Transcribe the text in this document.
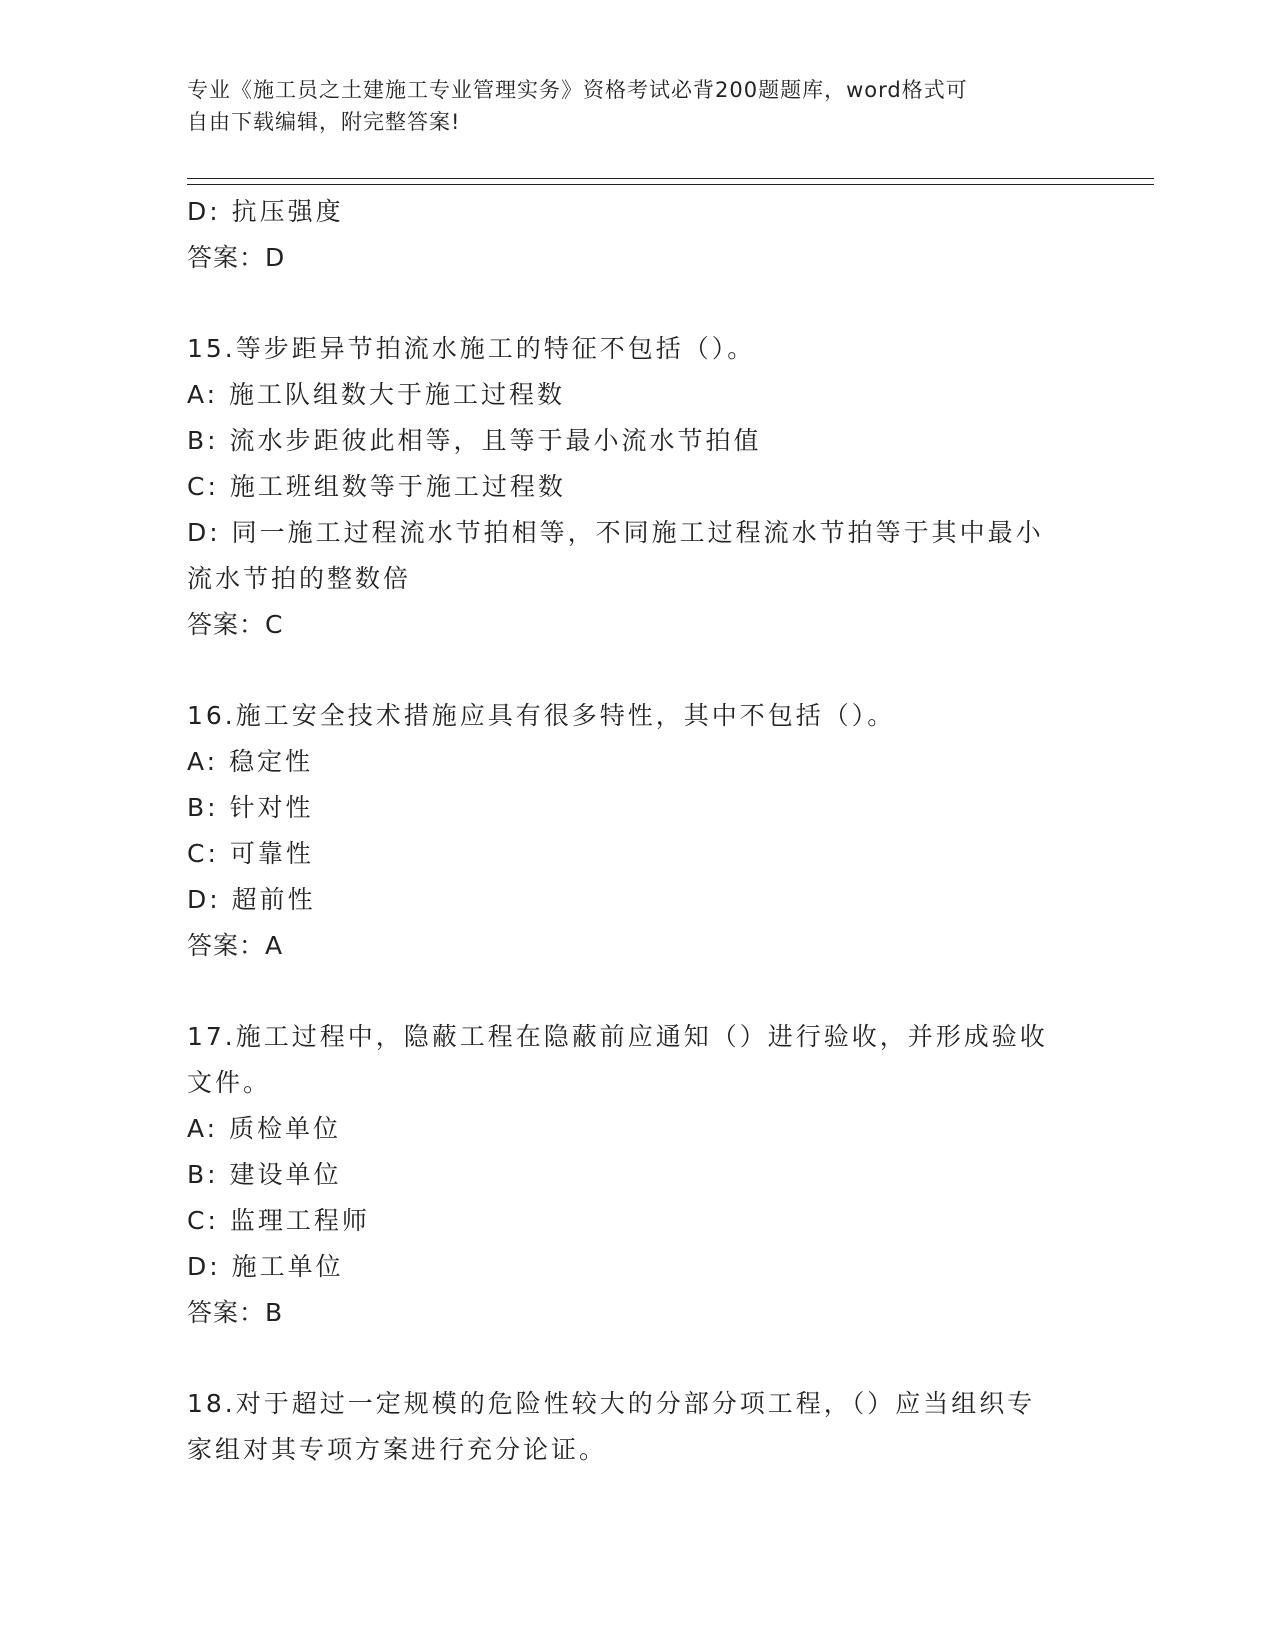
专业《施工员之土建施工专业管理实务》资格考试必背200题题库，word格式可
自由下载编辑，附完整答案!
D: 抗压强度
答案：D
15.等步距异节拍流水施工的特征不包括（）。
A: 施工队组数大于施工过程数
B: 流水步距彼此相等，且等于最小流水节拍值
C: 施工班组数等于施工过程数
D: 同一施工过程流水节拍相等，不同施工过程流水节拍等于其中最小
流水节拍的整数倍
答案：C
16.施工安全技术措施应具有很多特性，其中不包括（）。
A: 稳定性
B: 针对性
C: 可靠性
D: 超前性
答案：A
17.施工过程中，隐蔽工程在隐蔽前应通知（）进行验收，并形成验收
文件。
A: 质检单位
B: 建设单位
C: 监理工程师
D: 施工单位
答案：B
18.对于超过一定规模的危险性较大的分部分项工程，（）应当组织专
家组对其专项方案进行充分论证。
